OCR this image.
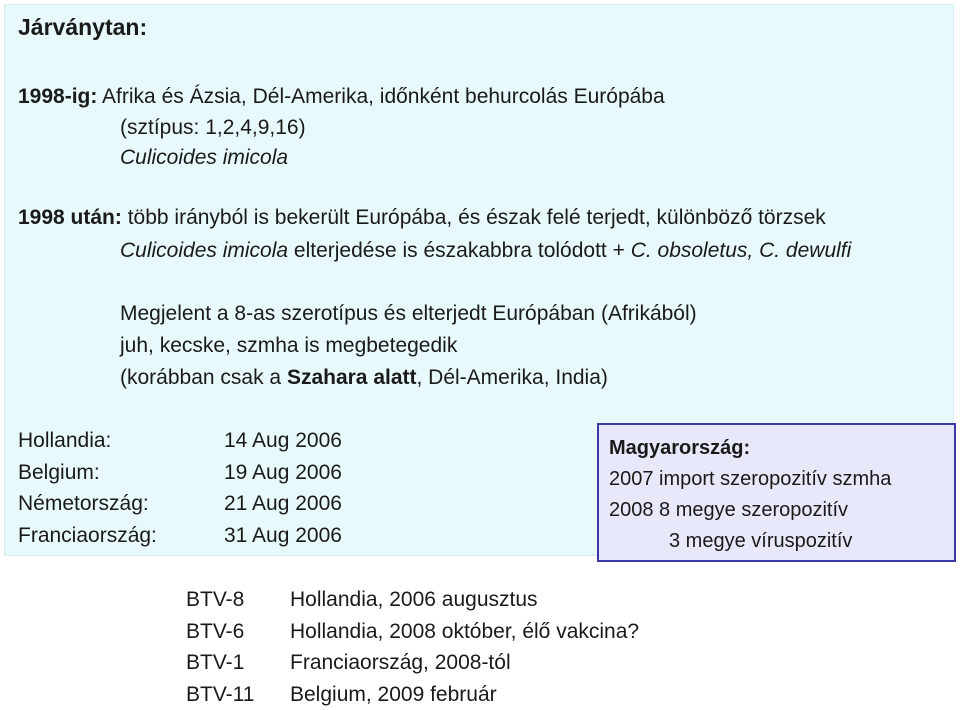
Járványtan:
1998-ig: Afrika és Ázsia, Dél-Amerika, időnként behurcolás Európába
(sztípus: 1,2,4,9,16)
Culicoides imicola
1998 után: több irányból is bekerült Európába, és észak felé terjedt, különböző törzsek
Culicoides imicola elterjedése is északabbra tolódott + C. obsoletus, C. dewulfi
Megjelent a 8-as szerotípus és elterjedt Európában (Afrikából)
juh, kecske, szmha is megbetegedik
(korábban csak a Szahara alatt, Dél-Amerika, India)
Hollandia:	14 Aug 2006
Belgium:	19 Aug 2006
Németország:	21 Aug 2006
Franciaország:	31 Aug 2006
Magyarország:
2007 import szeropozitív szmha
2008 8 megye szeropozitív
3 megye víruspozitív
BTV-8	Hollandia, 2006 augusztus
BTV-6	Hollandia, 2008 október, élő vakcina?
BTV-1	Franciaország, 2008-tól
BTV-11	Belgium, 2009 február
